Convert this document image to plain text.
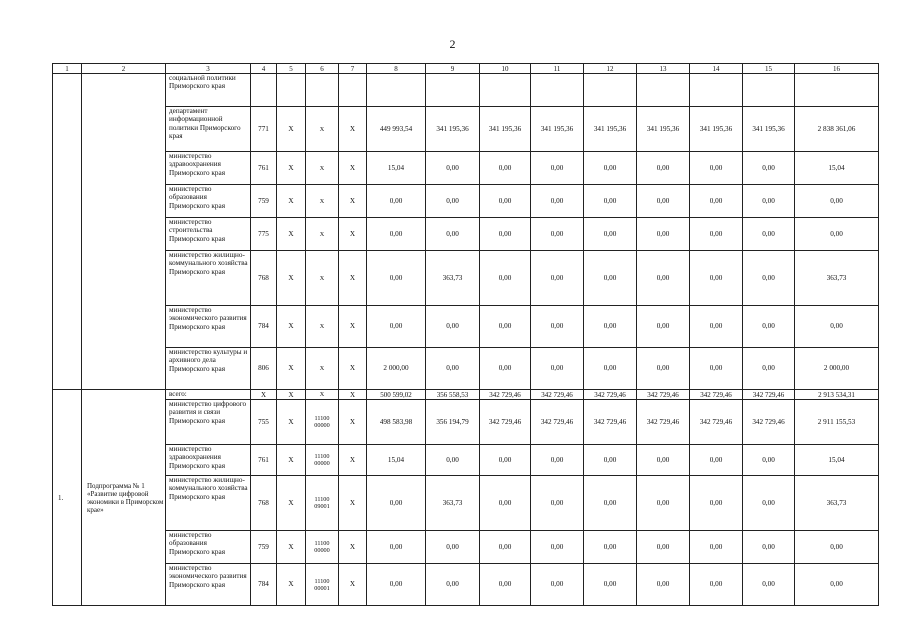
2
1	2	3	4	5	6	7	8	9	10	11	12	13	14	15	16
		социальной политики Приморского края													
		департамент информационной политики Приморского края	771	X	X	X	449 993,54	341 195,36	341 195,36	341 195,36	341 195,36	341 195,36	341 195,36	341 195,36	2 838 361,06
		министерство здравоохранения Приморского края	761	X	X	X	15,04	0,00	0,00	0,00	0,00	0,00	0,00	0,00	15,04
		министерство образования Приморского края	759	X	X	X	0,00	0,00	0,00	0,00	0,00	0,00	0,00	0,00	0,00
		министерство строительства Приморского края	775	X	X	X	0,00	0,00	0,00	0,00	0,00	0,00	0,00	0,00	0,00
		министерство жилищно-коммунального хозяйства Приморского края	768	X	X	X	0,00	363,73	0,00	0,00	0,00	0,00	0,00	0,00	363,73
		министерство экономического развития Приморского края	784	X	X	X	0,00	0,00	0,00	0,00	0,00	0,00	0,00	0,00	0,00
		министерство культуры и архивного дела Приморского края	806	X	X	X	2 000,00	0,00	0,00	0,00	0,00	0,00	0,00	0,00	2 000,00
1.	Подпрограмма № 1 «Развитие цифровой экономики в Приморском крае»	всего:	X	X	X	X	500 599,02	356 558,53	342 729,46	342 729,46	342 729,46	342 729,46	342 729,46	342 729,46	2 913 534,31
		министерство цифрового развития и связи Приморского края	755	X	11100 00000	X	498 583,98	356 194,79	342 729,46	342 729,46	342 729,46	342 729,46	342 729,46	342 729,46	2 911 155,53
		министерство здравоохранения Приморского края	761	X	11100 00000	X	15,04	0,00	0,00	0,00	0,00	0,00	0,00	0,00	15,04
		министерство жилищно-коммунального хозяйства Приморского края	768	X	11100 09001	X	0,00	363,73	0,00	0,00	0,00	0,00	0,00	0,00	363,73
		министерство образования Приморского края	759	X	11100 00000	X	0,00	0,00	0,00	0,00	0,00	0,00	0,00	0,00	0,00
		министерство экономического развития Приморского края	784	X	11100 00001	X	0,00	0,00	0,00	0,00	0,00	0,00	0,00	0,00	0,00
